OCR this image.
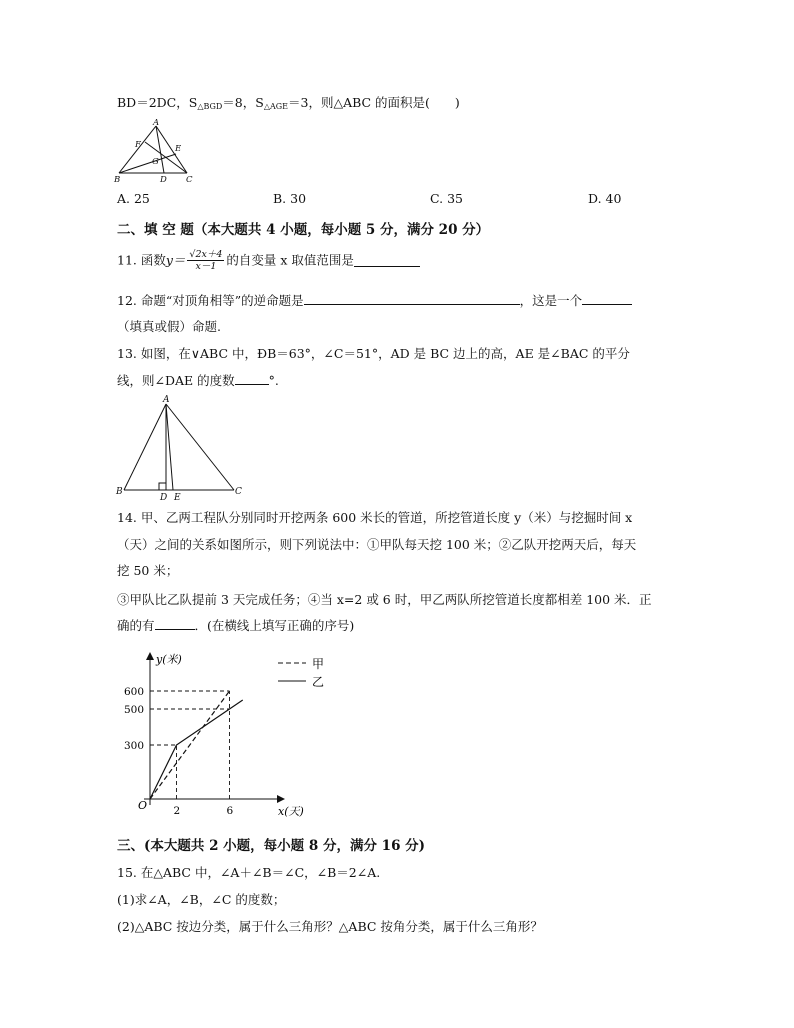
BD＝2DC，$S_{\triangle BGD}=8$，$S_{\triangle AGE}=3$，则△ABC 的面积是(　　)
A
B	C
D
E
F
G
A. 25	B. 30	C. 35	D. 40
二、填 空 题（本大题共 4 小题，每小题 5 分，满分 20 分）
11. 函数$y= \frac{√2x+4}{x-1}$ 的自变量 x 取值范围是
12. 命题“对顶角相等”的逆命题是	，这是一个
（填真或假）命题.
13. 如图，在∨ABC 中，ÐB＝63°，∠C＝51°，AD 是 BC 边上的高，AE 是∠BAC 的平分
线，则∠DAE 的度数	°.
A
B	C
D E
14. 甲、乙两工程队分别同时开挖两条 600 米长的管道，所挖管道长度 y（米）与挖掘时间 x
（天）之间的关系如图所示，则下列说法中：①甲队每天挖 100 米；②乙队开挖两天后，每天
挖 50 米；
③甲队比乙队提前 3 天完成任务；④当 x=2 或 6 时，甲乙两队所挖管道长度都相差 100 米．正
确的有	．(在横线上填写正确的序号)
x(天)
y(米)
O	2	6
300
500
600
甲
乙
三、(本大题共 2 小题，每小题 8 分，满分 16 分)
15. 在△ABC 中，∠A＋∠B＝∠C，∠B＝2∠A.
(1)求∠A，∠B，∠C 的度数；
(2)△ABC 按边分类，属于什么三角形？△ABC 按角分类，属于什么三角形？
